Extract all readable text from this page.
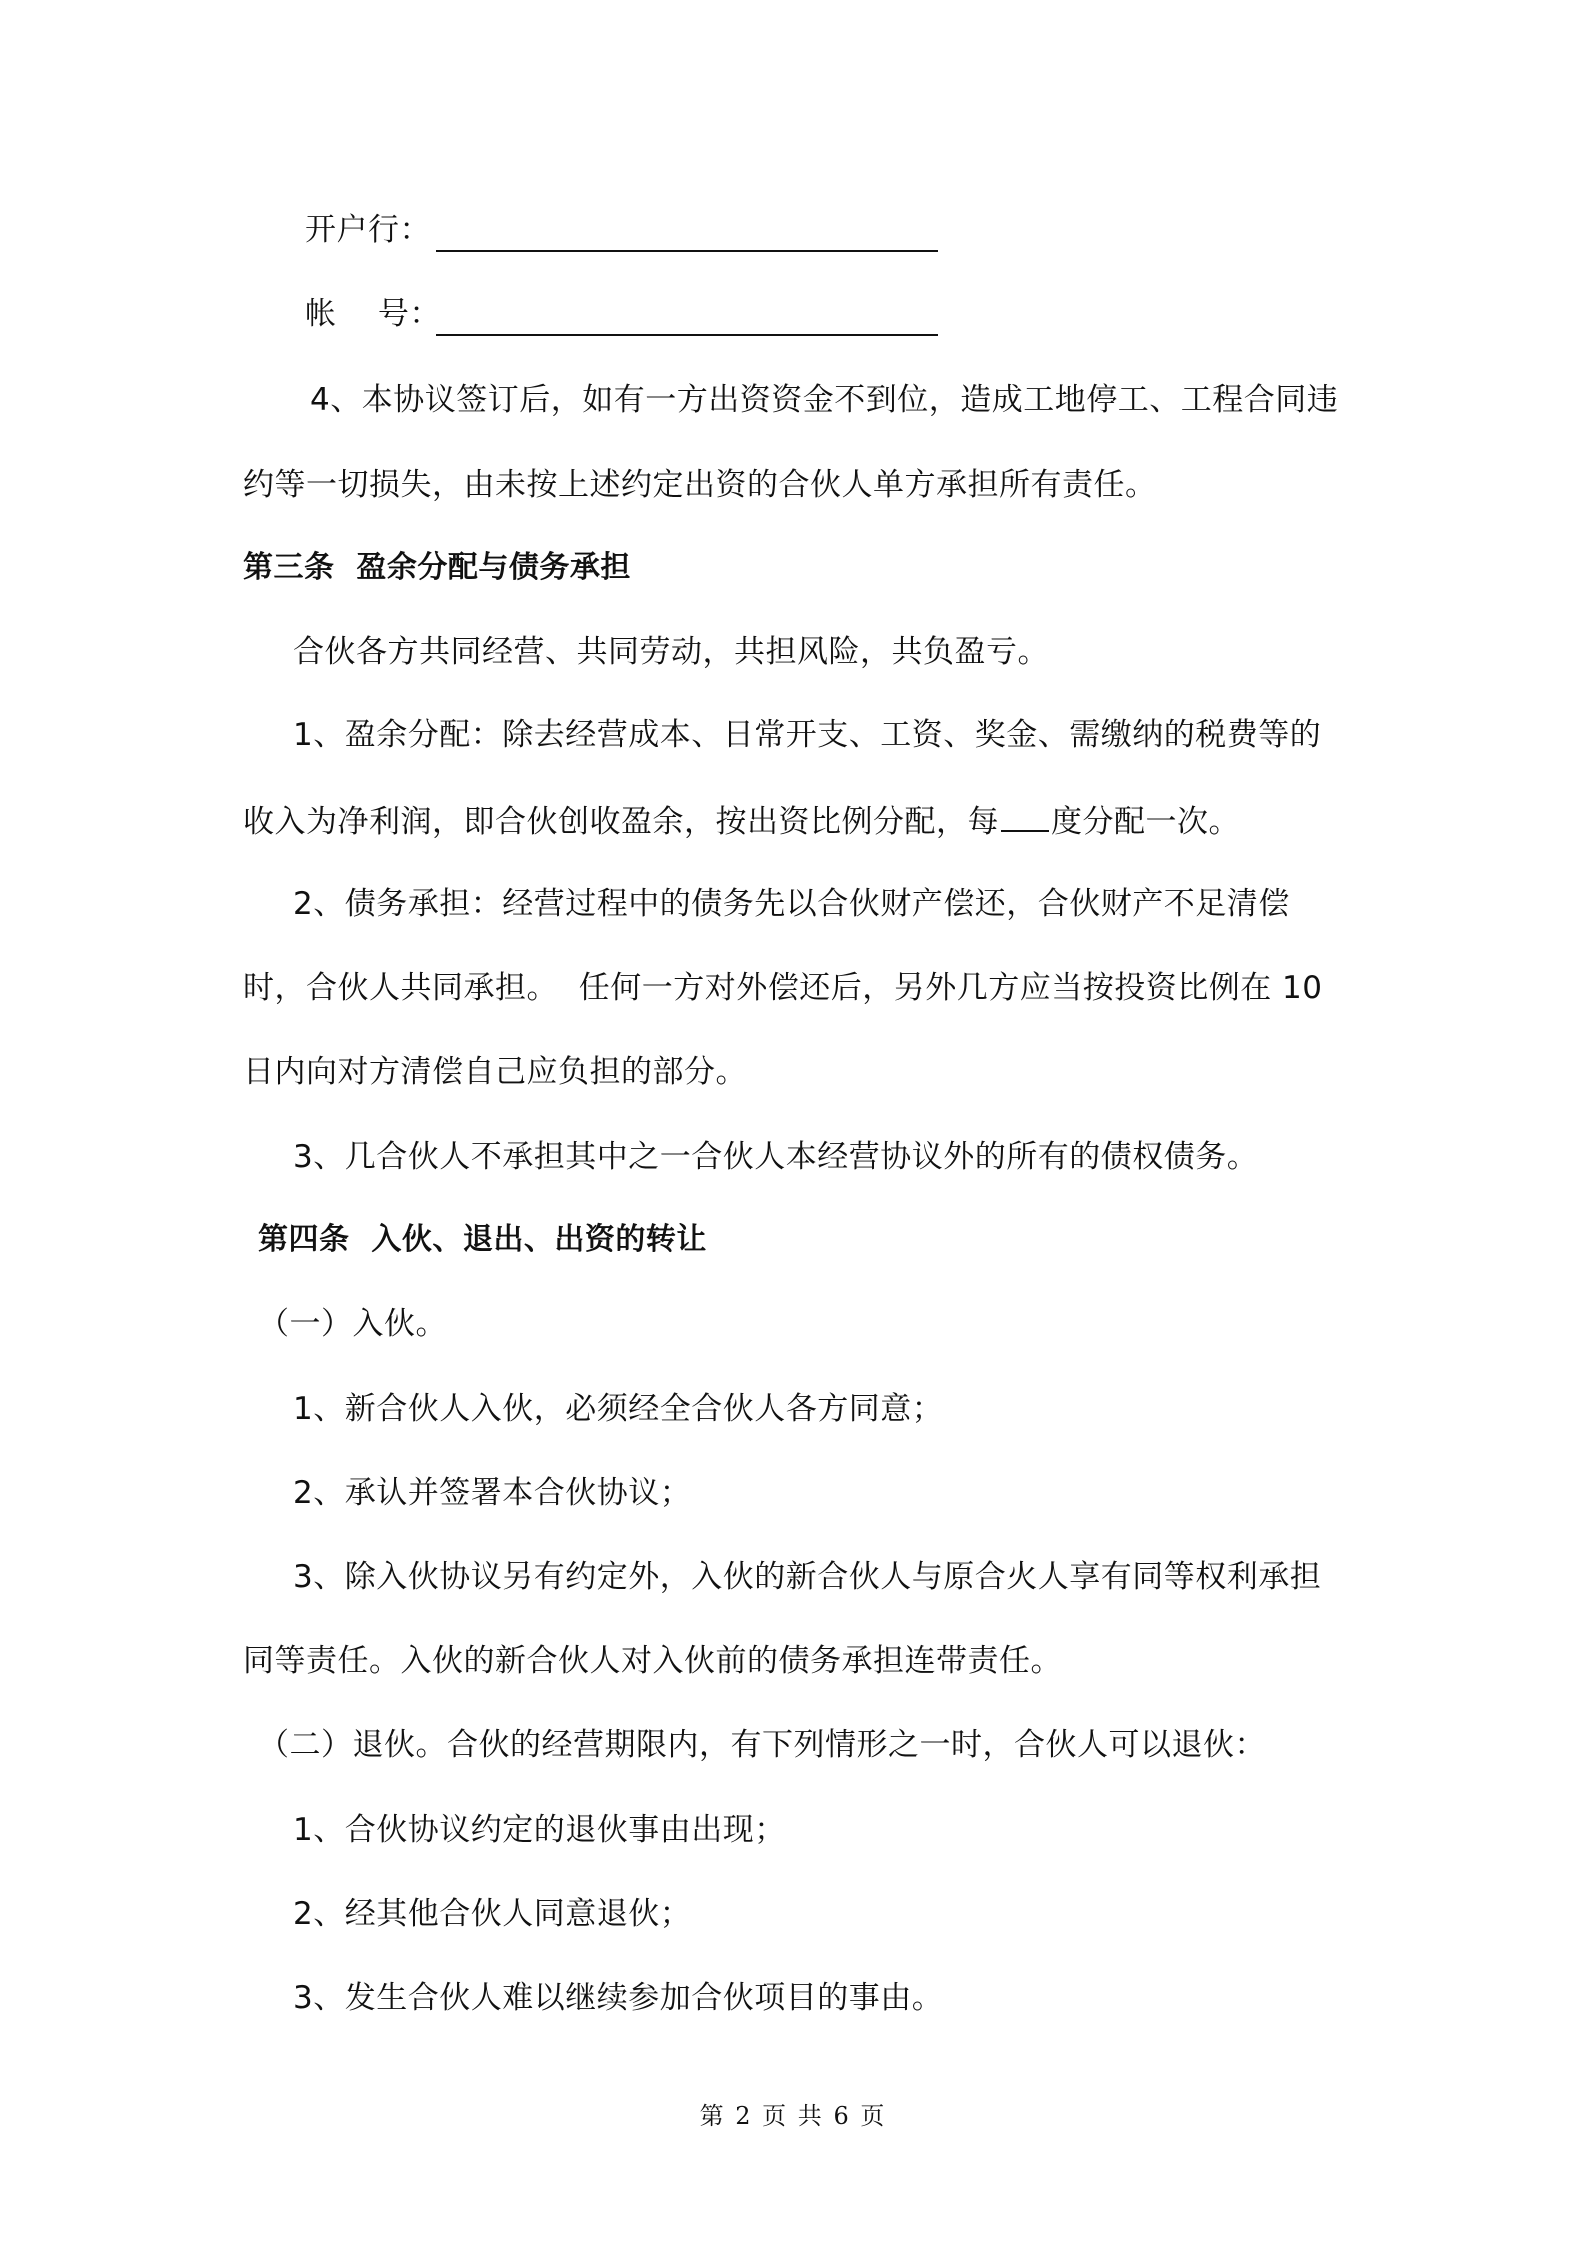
开户行：
帐    号：
4、本协议签订后，如有一方出资资金不到位，造成工地停工、工程合同违
约等一切损失，由未按上述约定出资的合伙人单方承担所有责任。
第三条  盈余分配与债务承担
合伙各方共同经营、共同劳动，共担风险，共负盈亏。
1、盈余分配：除去经营成本、日常开支、工资、奖金、需缴纳的税费等的
收入为净利润，即合伙创收盈余，按出资比例分配，每 度分配一次。
2、债务承担：经营过程中的债务先以合伙财产偿还，合伙财产不足清偿
时，合伙人共同承担。  任何一方对外偿还后，另外几方应当按投资比例在 10
日内向对方清偿自己应负担的部分。
3、几合伙人不承担其中之一合伙人本经营协议外的所有的债权债务。
第四条  入伙、退出、出资的转让
（一）入伙。
1、新合伙人入伙，必须经全合伙人各方同意；
2、承认并签署本合伙协议；
3、除入伙协议另有约定外，入伙的新合伙人与原合火人享有同等权利承担
同等责任。入伙的新合伙人对入伙前的债务承担连带责任。
（二）退伙。合伙的经营期限内，有下列情形之一时，合伙人可以退伙：
1、合伙协议约定的退伙事由出现；
2、经其他合伙人同意退伙；
3、发生合伙人难以继续参加合伙项目的事由。
第 2 页 共 6 页
